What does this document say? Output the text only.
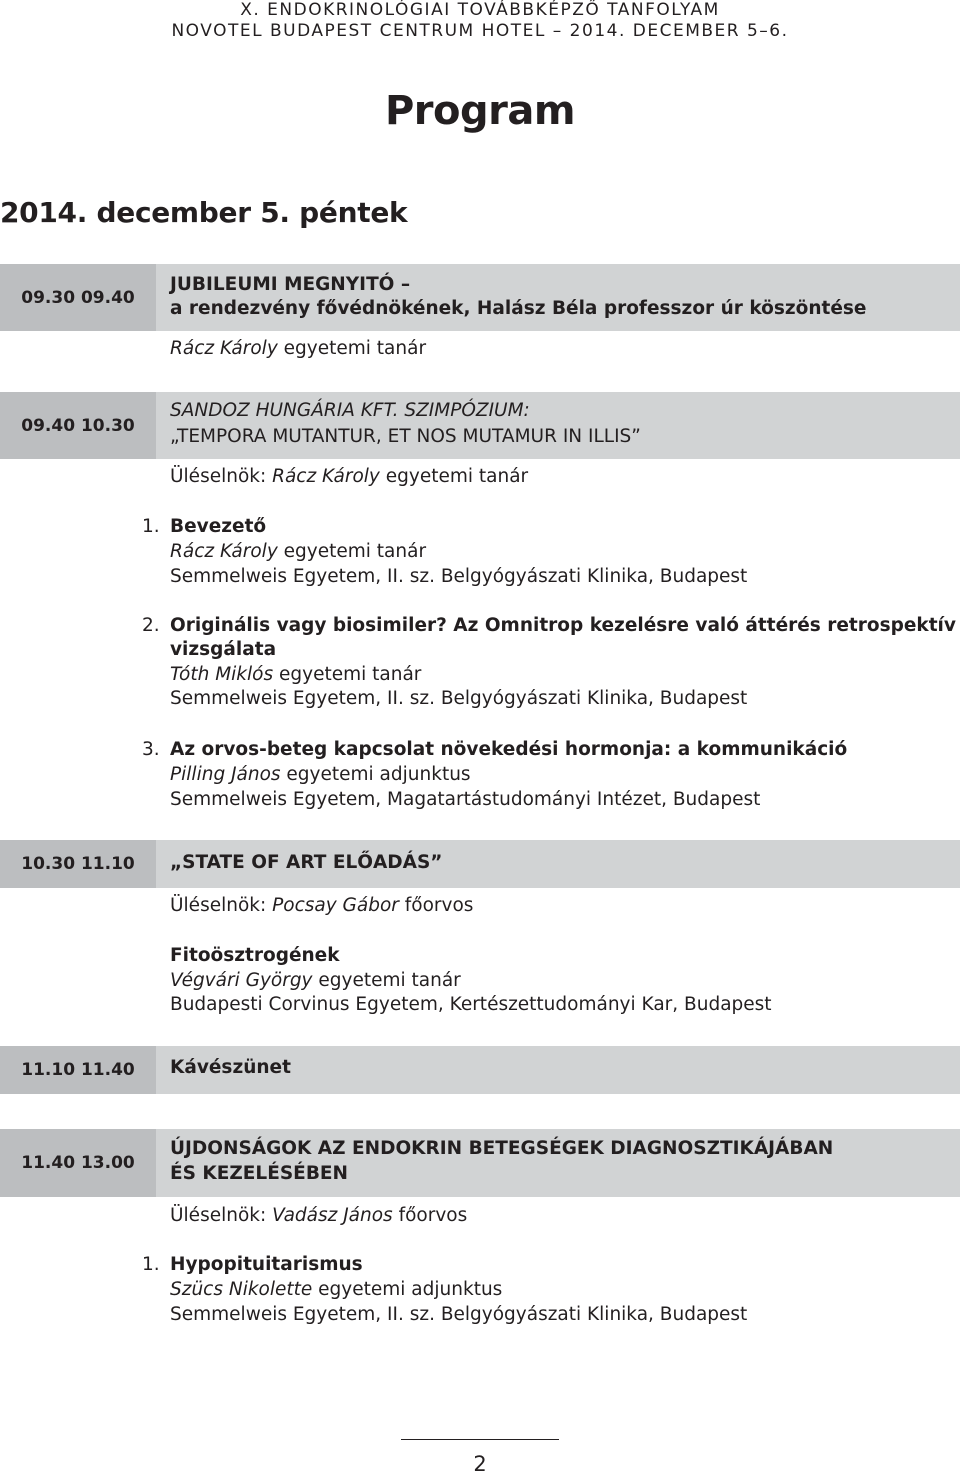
X. ENDOKRINOLÓGIAI TOVÁBBKÉPZŐ TANFOLYAM
NOVOTEL BUDAPEST CENTRUM HOTEL – 2014. DECEMBER 5–6.
Program
2014. december 5. péntek
09.30 09.40
JUBILEUMI MEGNYITÓ –
a rendezvény fővédnökének, Halász Béla professzor úr köszöntése
Rácz Károly egyetemi tanár
09.40 10.30
SANDOZ HUNGÁRIA KFT. SZIMPÓZIUM:
„TEMPORA MUTANTUR, ET NOS MUTAMUR IN ILLIS”
Üléselnök: Rácz Károly egyetemi tanár
1. Bevezető
Rácz Károly egyetemi tanár
Semmelweis Egyetem, II. sz. Belgyógyászati Klinika, Budapest
2. Originális vagy biosimiler? Az Omnitrop kezelésre való áttérés retrospektív
vizsgálata
Tóth Miklós egyetemi tanár
Semmelweis Egyetem, II. sz. Belgyógyászati Klinika, Budapest
3. Az orvos-beteg kapcsolat növekedési hormonja: a kommunikáció
Pilling János egyetemi adjunktus
Semmelweis Egyetem, Magatartástudományi Intézet, Budapest
10.30 11.10	„STATE OF ART ELŐADÁS”
Üléselnök: Pocsay Gábor főorvos
Fitoösztrogének
Végvári György egyetemi tanár
Budapesti Corvinus Egyetem, Kertészettudományi Kar, Budapest
11.10 11.40	Kávészünet
11.40 13.00
ÚJDONSÁGOK AZ ENDOKRIN BETEGSÉGEK DIAGNOSZTIKÁJÁBAN
ÉS KEZELÉSÉBEN
Üléselnök: Vadász János főorvos
1. Hypopituitarismus
Szücs Nikolette egyetemi adjunktus
Semmelweis Egyetem, II. sz. Belgyógyászati Klinika, Budapest
2
